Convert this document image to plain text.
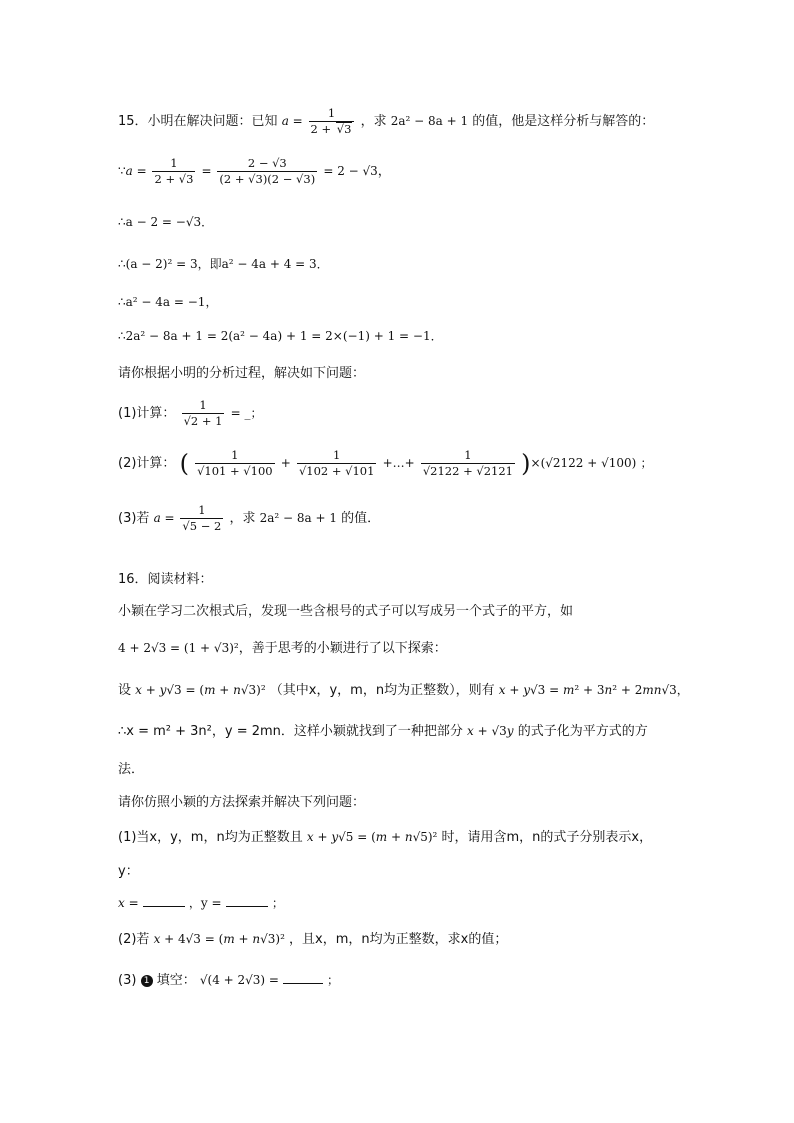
15．小明在解决问题：已知 $a = \frac{1}{2 + √ 3}$ ，求 2a² − 8a + 1 的值，他是这样分析与解答的：
∵a = $\frac{1}{2 + √3} = \frac{2 - √3}{(2 + √3)(2 - √3)} = 2 - √3$，
∴a − 2 = −√3．
∴(a − 2)² = 3，即a² − 4a + 4 = 3．
∴a² − 4a = −1，
∴2a² − 8a + 1 = 2(a² − 4a) + 1 = 2×(−1) + 1 = −1．
请你根据小明的分析过程，解决如下问题：
(1)计算： $\frac{1}{√2 + 1}$ = _；
(2)计算： ( $\frac{1}{√101 + √100} + \frac{1}{√102 + √101}$ +…+ $\frac{1}{√2122 + √2121} )\times(√2122 + √100)$ ；
(3)若 $a = \frac{1}{√5 - 2}$ ，求 2a² − 8a + 1 的值．
16．阅读材料：
小颖在学习二次根式后，发现一些含根号的式子可以写成另一个式子的平方，如
4 + 2√3 = (1 + √3)²，善于思考的小颖进行了以下探索：
设 x + y√3 = (m + n√3)² （其中x，y，m，n均为正整数），则有 x + y√3 = m² + 3n² + 2mn√3，
∴x = m² + 3n²，y = 2mn．这样小颖就找到了一种把部分 x + √3y 的式子化为平方式的方
法．
请你仿照小颖的方法探索并解决下列问题：
(1)当x，y，m，n均为正整数且 x + y√5 = (m + n√5)² 时，请用含m，n的式子分别表示x，
y：
x =	，y =	；
(2)若 x + 4√3 = (m + n√3)² ，且x，m，n均为正整数，求x的值；
(3) 1 填空： √(4 + 2√3) =	；
